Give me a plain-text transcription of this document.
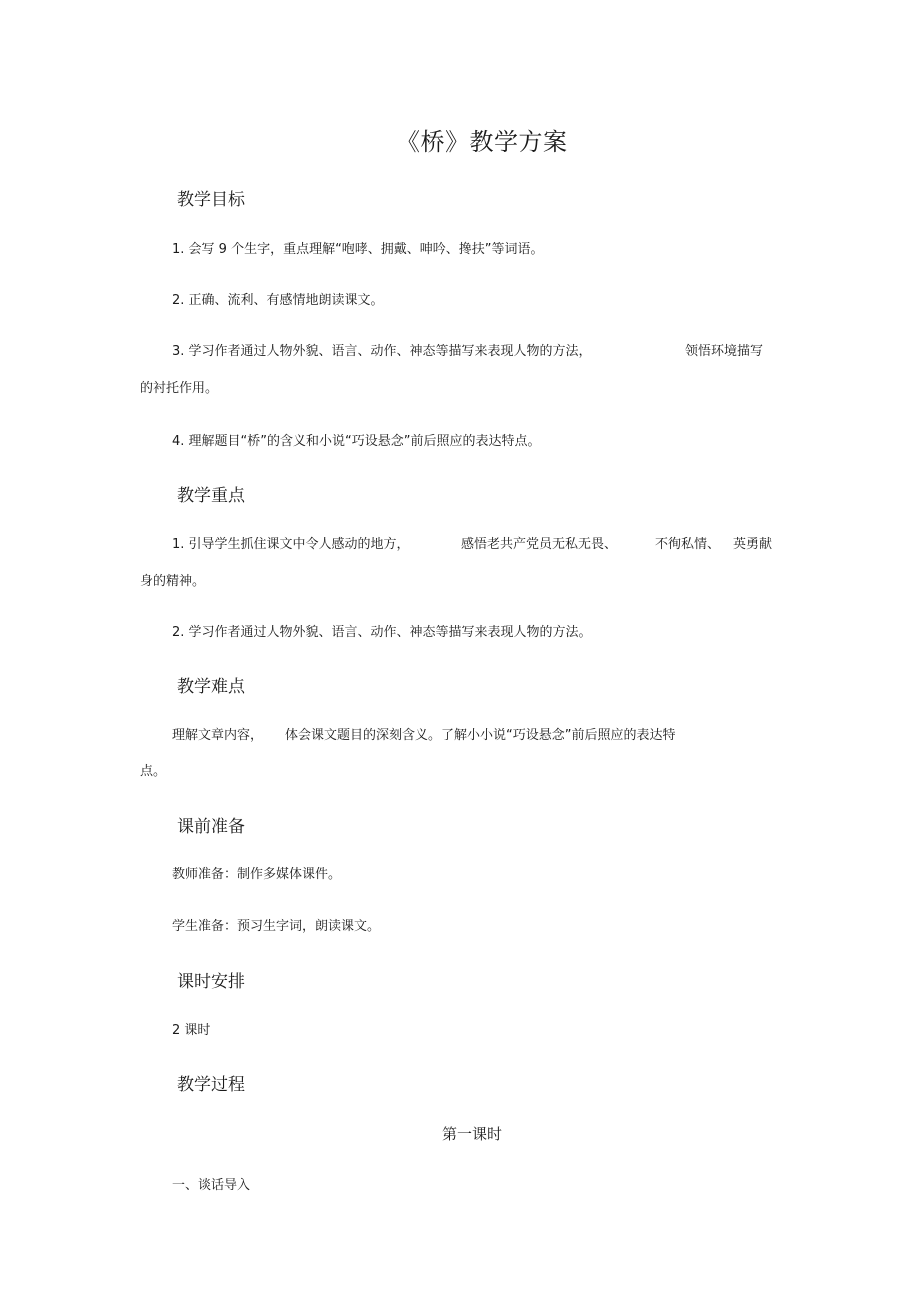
《桥》教学方案
教学目标
1. 会写 9 个生字，重点理解“咆哮、拥戴、呻吟、搀扶”等词语。
2. 正确、流利、有感情地朗读课文。
3. 学习作者通过人物外貌、语言、动作、神态等描写来表现人物的方法，	领悟环境描写
的衬托作用。
4. 理解题目“桥”的含义和小说“巧设悬念”前后照应的表达特点。
教学重点
1. 引导学生抓住课文中令人感动的地方，	感悟老共产党员无私无畏、	不徇私情、 英勇献
身的精神。
2. 学习作者通过人物外貌、语言、动作、神态等描写来表现人物的方法。
教学难点
理解文章内容， 体会课文题目的深刻含义。了解小小说“巧设悬念”前后照应的表达特
点。
课前准备
教师准备：制作多媒体课件。
学生准备：预习生字词，朗读课文。
课时安排
2 课时
教学过程
第一课时
一、谈话导入
